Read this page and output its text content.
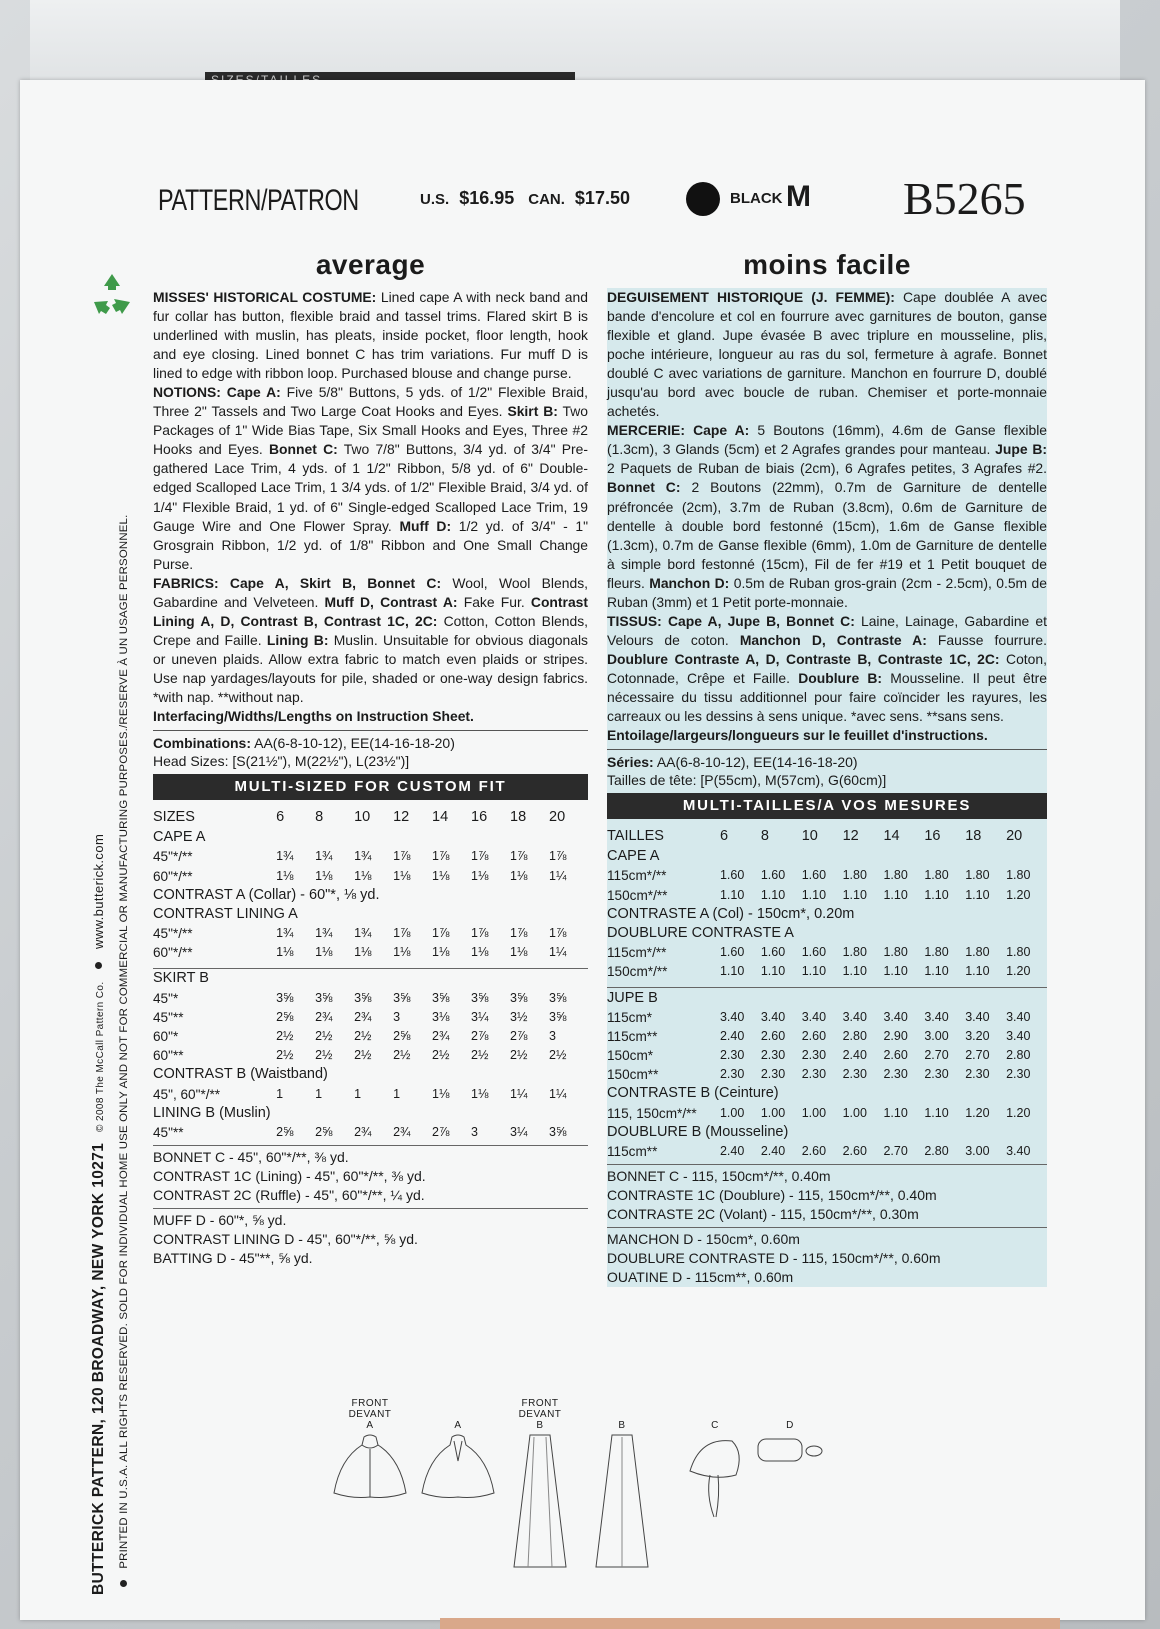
BUTTERICK PATTERN, 120 BROADWAY, NEW YORK 10271 © 2008 The McCall Pattern Co.  www.butterick.com PRINTED IN U.S.A. ALL RIGHTS RESERVED. SOLD FOR INDIVIDUAL HOME USE ONLY AND NOT FOR COMMERCIAL OR MANUFACTURING PURPOSES./RESERVE À UN USAGE PERSONNEL.
PATTERN/PATRON	U.S. $16.95 CAN. $17.50	BLACK M B5265
average
MISSES' HISTORICAL COSTUME: Lined cape A with neck band and fur collar has button, flexible braid and tassel trims. Flared skirt B is underlined with muslin, has pleats, inside pocket, floor length, hook and eye closing. Lined bonnet C has trim variations. Fur muff D is lined to edge with ribbon loop. Purchased blouse and change purse.
NOTIONS: Cape A: Five 5/8" Buttons, 5 yds. of 1/2" Flexible Braid, Three 2" Tassels and Two Large Coat Hooks and Eyes. Skirt B: Two Packages of 1" Wide Bias Tape, Six Small Hooks and Eyes, Three #2 Hooks and Eyes. Bonnet C: Two 7/8" Buttons, 3/4 yd. of 3/4" Pre-gathered Lace Trim, 4 yds. of 1 1/2" Ribbon, 5/8 yd. of 6" Double-edged Scalloped Lace Trim, 1 3/4 yds. of 1/2" Flexible Braid, 3/4 yd. of 1/4" Flexible Braid, 1 yd. of 6" Single-edged Scalloped Lace Trim, 19 Gauge Wire and One Flower Spray. Muff D: 1/2 yd. of 3/4" - 1" Grosgrain Ribbon, 1/2 yd. of 1/8" Ribbon and One Small Change Purse.
FABRICS: Cape A, Skirt B, Bonnet C: Wool, Wool Blends, Gabardine and Velveteen. Muff D, Contrast A: Fake Fur. Contrast Lining A, D, Contrast B, Contrast 1C, 2C: Cotton, Cotton Blends, Crepe and Faille. Lining B: Muslin. Unsuitable for obvious diagonals or uneven plaids. Allow extra fabric to match even plaids or stripes. Use nap yardages/layouts for pile, shaded or one-way design fabrics. *with nap. **without nap.
Interfacing/Widths/Lengths on Instruction Sheet.
Combinations: AA(6-8-10-12), EE(14-16-18-20)
Head Sizes: [S(21½"), M(22½"), L(23½")]
MULTI-SIZED FOR CUSTOM FIT
SIZES	6	8	10	12	14	16	18	20
CAPE A								
45"*/**	1¾	1¾	1¾	1⅞	1⅞	1⅞	1⅞	1⅞
60"*/**	1⅛	1⅛	1⅛	1⅛	1⅛	1⅛	1⅛	1¼
CONTRAST A (Collar) - 60"*, ⅛ yd.								
CONTRAST LINING A								
45"*/**	1¾	1¾	1¾	1⅞	1⅞	1⅞	1⅞	1⅞
60"*/**	1⅛	1⅛	1⅛	1⅛	1⅛	1⅛	1⅛	1¼

SKIRT B								
45"*	3⅝	3⅝	3⅝	3⅝	3⅝	3⅝	3⅝	3⅝
45"**	2⅝	2¾	2¾	3	3⅛	3¼	3½	3⅝
60"*	2½	2½	2½	2⅝	2¾	2⅞	2⅞	3
60"**	2½	2½	2½	2½	2½	2½	2½	2½
CONTRAST B (Waistband)								
45", 60"*/**	1	1	1	1	1⅛	1⅛	1¼	1¼
LINING B (Muslin)								
45"**	2⅝	2⅝	2¾	2¾	2⅞	3	3¼	3⅝
BONNET C - 45", 60"*/**, ⅜ yd.
CONTRAST 1C (Lining) - 45", 60"*/**, ⅜ yd.
CONTRAST 2C (Ruffle) - 45", 60"*/**, ¼ yd.
MUFF D - 60"*, ⅝ yd.
CONTRAST LINING D - 45", 60"*/**, ⅝ yd.
BATTING D - 45"**, ⅝ yd.
moins facile
DEGUISEMENT HISTORIQUE (J. FEMME): Cape doublée A avec bande d'encolure et col en fourrure avec garnitures de bouton, ganse flexible et gland. Jupe évasée B avec triplure en mousseline, plis, poche intérieure, longueur au ras du sol, fermeture à agrafe. Bonnet doublé C avec variations de garniture. Manchon en fourrure D, doublé jusqu'au bord avec boucle de ruban. Chemiser et porte-monnaie achetés.
MERCERIE: Cape A: 5 Boutons (16mm), 4.6m de Ganse flexible (1.3cm), 3 Glands (5cm) et 2 Agrafes grandes pour manteau. Jupe B: 2 Paquets de Ruban de biais (2cm), 6 Agrafes petites, 3 Agrafes #2. Bonnet C: 2 Boutons (22mm), 0.7m de Garniture de dentelle préfroncée (2cm), 3.7m de Ruban (3.8cm), 0.6m de Garniture de dentelle à double bord festonné (15cm), 1.6m de Ganse flexible (1.3cm), 0.7m de Ganse flexible (6mm), 1.0m de Garniture de dentelle à simple bord festonné (15cm), Fil de fer #19 et 1 Petit bouquet de fleurs. Manchon D: 0.5m de Ruban gros-grain (2cm - 2.5cm), 0.5m de Ruban (3mm) et 1 Petit porte-monnaie.
TISSUS: Cape A, Jupe B, Bonnet C: Laine, Lainage, Gabardine et Velours de coton. Manchon D, Contraste A: Fausse fourrure. Doublure Contraste A, D, Contraste B, Contraste 1C, 2C: Coton, Cotonnade, Crêpe et Faille. Doublure B: Mousseline. Il peut être nécessaire du tissu additionnel pour faire coïncider les rayures, les carreaux ou les dessins à sens unique. *avec sens. **sans sens.
Entoilage/largeurs/longueurs sur le feuillet d'instructions.
Séries: AA(6-8-10-12), EE(14-16-18-20)
Tailles de tête: [P(55cm), M(57cm), G(60cm)]
MULTI-TAILLES/A VOS MESURES
TAILLES	6	8	10	12	14	16	18	20
CAPE A								
115cm*/**	1.60	1.60	1.60	1.80	1.80	1.80	1.80	1.80
150cm*/**	1.10	1.10	1.10	1.10	1.10	1.10	1.10	1.20
CONTRASTE A (Col) - 150cm*, 0.20m								
DOUBLURE CONTRASTE A								
115cm*/**	1.60	1.60	1.60	1.80	1.80	1.80	1.80	1.80
150cm*/**	1.10	1.10	1.10	1.10	1.10	1.10	1.10	1.20

JUPE B								
115cm*	3.40	3.40	3.40	3.40	3.40	3.40	3.40	3.40
115cm**	2.40	2.60	2.60	2.80	2.90	3.00	3.20	3.40
150cm*	2.30	2.30	2.30	2.40	2.60	2.70	2.70	2.80
150cm**	2.30	2.30	2.30	2.30	2.30	2.30	2.30	2.30
CONTRASTE B (Ceinture)								
115, 150cm*/**	1.00	1.00	1.00	1.00	1.10	1.10	1.20	1.20
DOUBLURE B (Mousseline)								
115cm**	2.40	2.40	2.60	2.60	2.70	2.80	3.00	3.40
BONNET C - 115, 150cm*/**, 0.40m
CONTRASTE 1C (Doublure) - 115, 150cm*/**, 0.40m
CONTRASTE 2C (Volant) - 115, 150cm*/**, 0.30m
MANCHON D - 150cm*, 0.60m
DOUBLURE CONTRASTE D - 115, 150cm*/**, 0.60m
OUATINE D - 115cm**, 0.60m
FRONT
DEVANT
A	A
FRONT
DEVANT
B	B	C	D
